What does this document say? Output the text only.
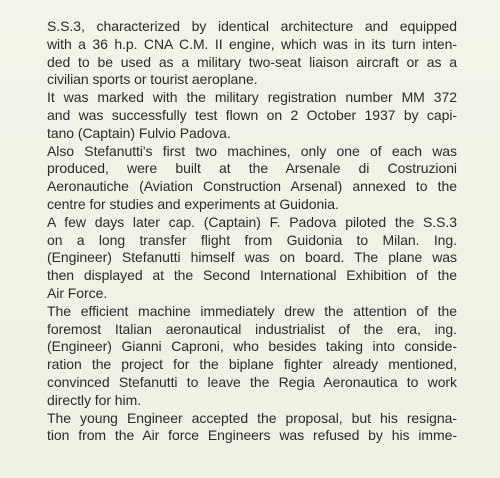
S.S.3, characterized by identical architecture and equipped
with a 36 h.p. CNA C.M. II engine, which was in its turn inten-
ded to be used as a military two-seat liaison aircraft or as a
civilian sports or tourist aeroplane.
It was marked with the military registration number MM 372
and was successfully test flown on 2 October 1937 by capi-
tano (Captain) Fulvio Padova.
Also Stefanutti's first two machines, only one of each was
produced, were built at the Arsenale di Costruzioni
Aeronautiche (Aviation Construction Arsenal) annexed to the
centre for studies and experiments at Guidonia.
A few days later cap. (Captain) F. Padova piloted the S.S.3
on a long transfer flight from Guidonia to Milan. Ing.
(Engineer) Stefanutti himself was on board. The plane was
then displayed at the Second International Exhibition of the
Air Force.
The efficient machine immediately drew the attention of the
foremost Italian aeronautical industrialist of the era, ing.
(Engineer) Gianni Caproni, who besides taking into conside-
ration the project for the biplane fighter already mentioned,
convinced Stefanutti to leave the Regia Aeronautica to work
directly for him.
The young Engineer accepted the proposal, but his resigna-
tion from the Air force Engineers was refused by his imme-
